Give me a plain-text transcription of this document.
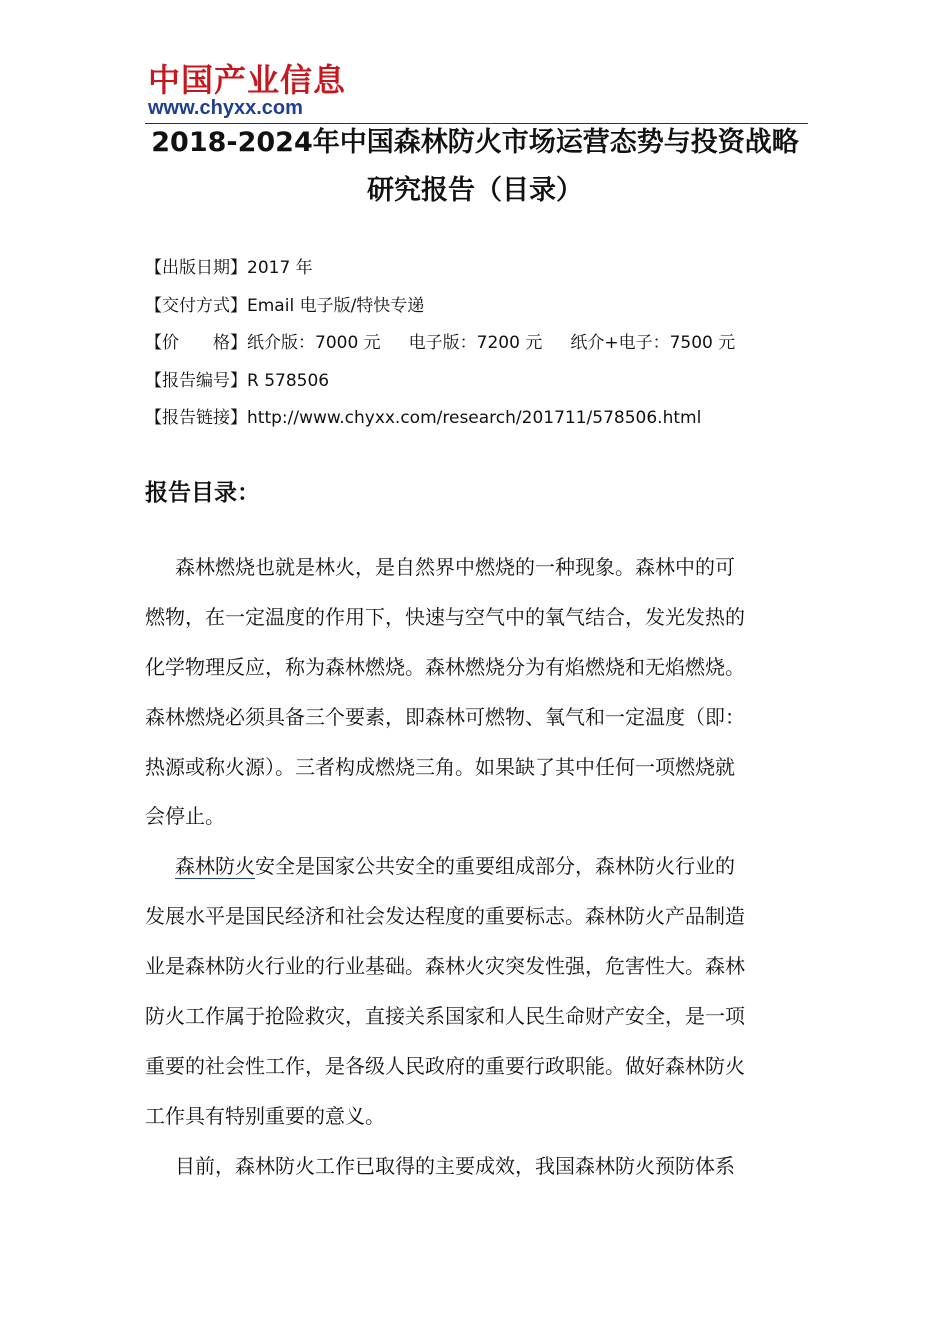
中国产业信息
www.chyxx.com
2018-2024年中国森林防火市场运营态势与投资战略
研究报告（目录）
【出版日期】2017 年
【交付方式】Email 电子版/特快专递
【价　　格】纸介版：7000 元 电子版：7200 元 纸介+电子：7500 元
【报告编号】R 578506
【报告链接】http://www.chyxx.com/research/201711/578506.html
报告目录：
森林燃烧也就是林火，是自然界中燃烧的一种现象。森林中的可
燃物，在一定温度的作用下，快速与空气中的氧气结合，发光发热的
化学物理反应，称为森林燃烧。森林燃烧分为有焰燃烧和无焰燃烧。
森林燃烧必须具备三个要素，即森林可燃物、氧气和一定温度（即：
热源或称火源）。三者构成燃烧三角。如果缺了其中任何一项燃烧就
会停止。
森林防火安全是国家公共安全的重要组成部分，森林防火行业的
发展水平是国民经济和社会发达程度的重要标志。森林防火产品制造
业是森林防火行业的行业基础。森林火灾突发性强，危害性大。森林
防火工作属于抢险救灾，直接关系国家和人民生命财产安全，是一项
重要的社会性工作，是各级人民政府的重要行政职能。做好森林防火
工作具有特别重要的意义。
目前，森林防火工作已取得的主要成效，我国森林防火预防体系
